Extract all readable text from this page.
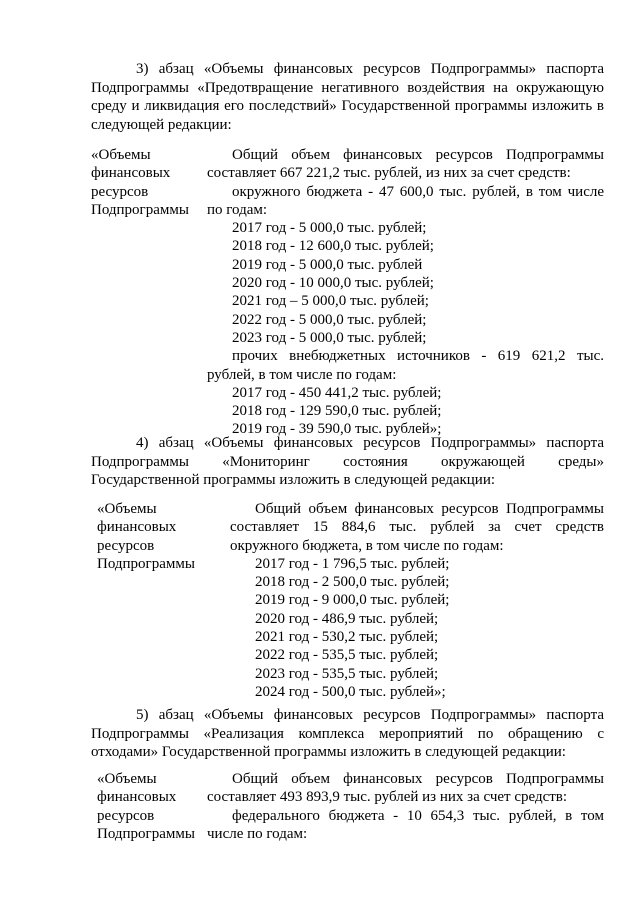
3) абзац «Объемы финансовых ресурсов Подпрограммы» паспорта
Подпрограммы «Предотвращение негативного воздействия на окружающую
среду и ликвидация его последствий» Государственной программы изложить в
следующей редакции:
«Объемы
финансовых
ресурсов
Подпрограммы
Общий объем финансовых ресурсов Подпрограммы
составляет 667 221,2 тыс. рублей, из них за счет средств:
окружного бюджета - 47 600,0 тыс. рублей, в том числе
по годам:
2017 год - 5 000,0 тыс. рублей;
2018 год - 12 600,0 тыс. рублей;
2019 год - 5 000,0 тыс. рублей
2020 год - 10 000,0 тыс. рублей;
2021 год – 5 000,0 тыс. рублей;
2022 год - 5 000,0 тыс. рублей;
2023 год - 5 000,0 тыс. рублей;
прочих внебюджетных источников - 619 621,2 тыс.
рублей, в том числе по годам:
2017 год - 450 441,2 тыс. рублей;
2018 год - 129 590,0 тыс. рублей;
2019 год - 39 590,0 тыс. рублей»;
4) абзац «Объемы финансовых ресурсов Подпрограммы» паспорта
Подпрограммы «Мониторинг состояния окружающей среды»
Государственной программы изложить в следующей редакции:
«Объемы
финансовых
ресурсов
Подпрограммы
Общий объем финансовых ресурсов Подпрограммы
составляет 15 884,6 тыс. рублей за счет средств
окружного бюджета, в том числе по годам:
2017 год - 1 796,5 тыс. рублей;
2018 год - 2 500,0 тыс. рублей;
2019 год - 9 000,0 тыс. рублей;
2020 год - 486,9 тыс. рублей;
2021 год - 530,2 тыс. рублей;
2022 год - 535,5 тыс. рублей;
2023 год - 535,5 тыс. рублей;
2024 год - 500,0 тыс. рублей»;
5) абзац «Объемы финансовых ресурсов Подпрограммы» паспорта
Подпрограммы «Реализация комплекса мероприятий по обращению с
отходами» Государственной программы изложить в следующей редакции:
«Объемы
финансовых
ресурсов
Подпрограммы
Общий объем финансовых ресурсов Подпрограммы
составляет 493 893,9 тыс. рублей из них за счет средств:
федерального бюджета - 10 654,3 тыс. рублей, в том
числе по годам:
